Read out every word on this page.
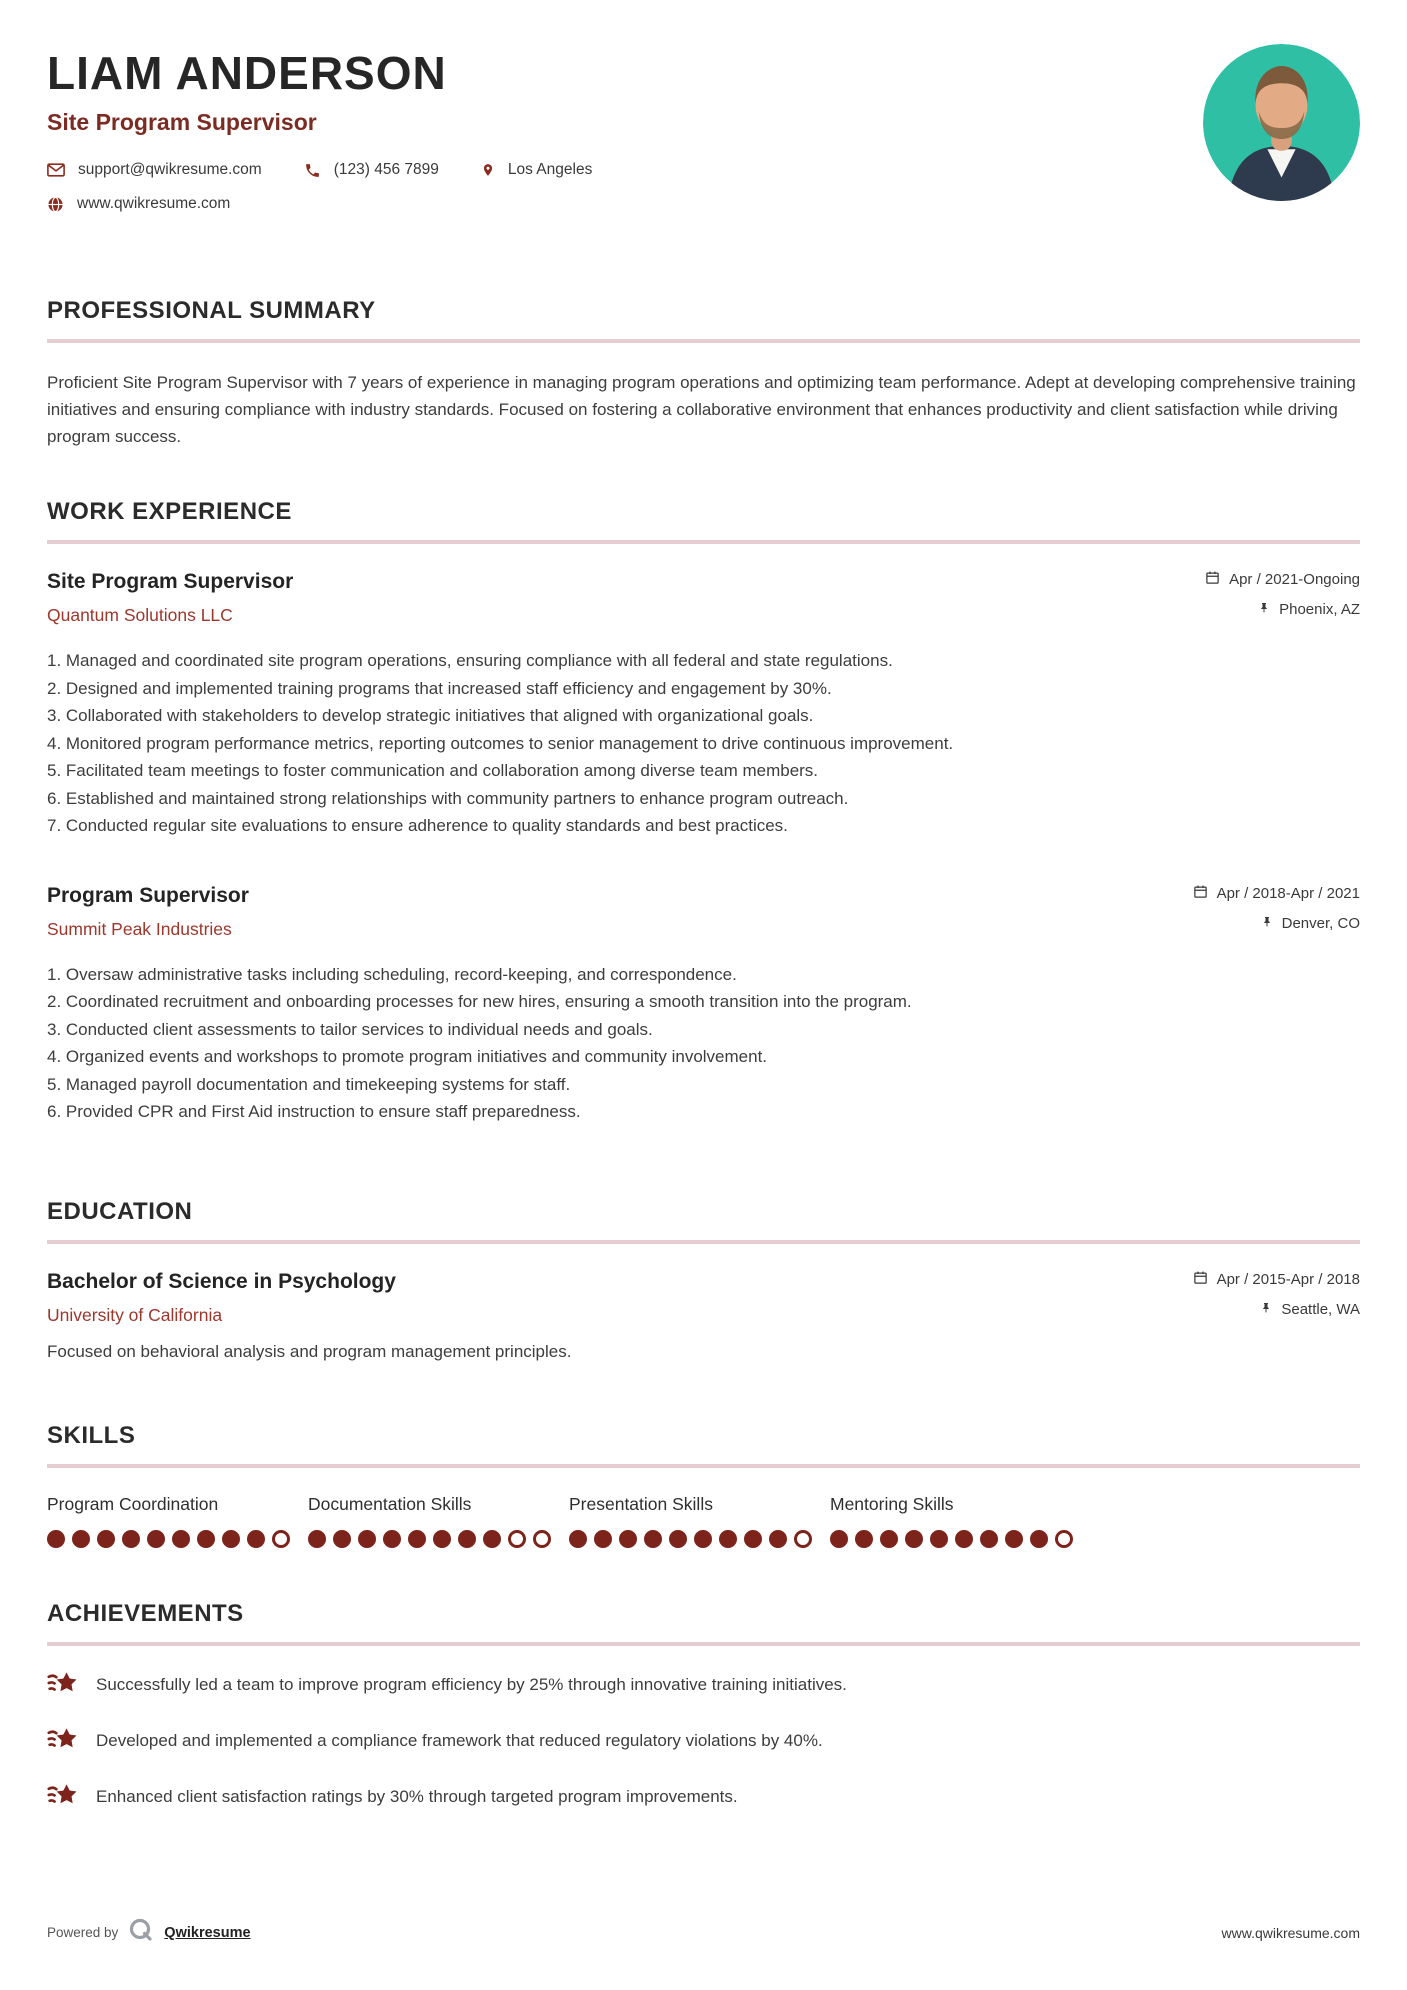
LIAM ANDERSON
Site Program Supervisor
support@qwikresume.com	(123) 456 7899	Los Angeles
www.qwikresume.com
PROFESSIONAL SUMMARY
Proficient Site Program Supervisor with 7 years of experience in managing program operations and optimizing team performance. Adept at developing comprehensive training initiatives and ensuring compliance with industry standards. Focused on fostering a collaborative environment that enhances productivity and client satisfaction while driving program success.
WORK EXPERIENCE
Site Program Supervisor
Quantum Solutions LLC
Apr / 2021-Ongoing
Phoenix, AZ
1. Managed and coordinated site program operations, ensuring compliance with all federal and state regulations.
2. Designed and implemented training programs that increased staff efficiency and engagement by 30%.
3. Collaborated with stakeholders to develop strategic initiatives that aligned with organizational goals.
4. Monitored program performance metrics, reporting outcomes to senior management to drive continuous improvement.
5. Facilitated team meetings to foster communication and collaboration among diverse team members.
6. Established and maintained strong relationships with community partners to enhance program outreach.
7. Conducted regular site evaluations to ensure adherence to quality standards and best practices.
Program Supervisor
Summit Peak Industries
Apr / 2018-Apr / 2021
Denver, CO
1. Oversaw administrative tasks including scheduling, record-keeping, and correspondence.
2. Coordinated recruitment and onboarding processes for new hires, ensuring a smooth transition into the program.
3. Conducted client assessments to tailor services to individual needs and goals.
4. Organized events and workshops to promote program initiatives and community involvement.
5. Managed payroll documentation and timekeeping systems for staff.
6. Provided CPR and First Aid instruction to ensure staff preparedness.
EDUCATION
Bachelor of Science in Psychology
University of California
Apr / 2015-Apr / 2018
Seattle, WA
Focused on behavioral analysis and program management principles.
SKILLS
Program Coordination	Documentation Skills	Presentation Skills	Mentoring Skills
ACHIEVEMENTS
Successfully led a team to improve program efficiency by 25% through innovative training initiatives.
Developed and implemented a compliance framework that reduced regulatory violations by 40%.
Enhanced client satisfaction ratings by 30% through targeted program improvements.
Powered by	Qwikresume	www.qwikresume.com
